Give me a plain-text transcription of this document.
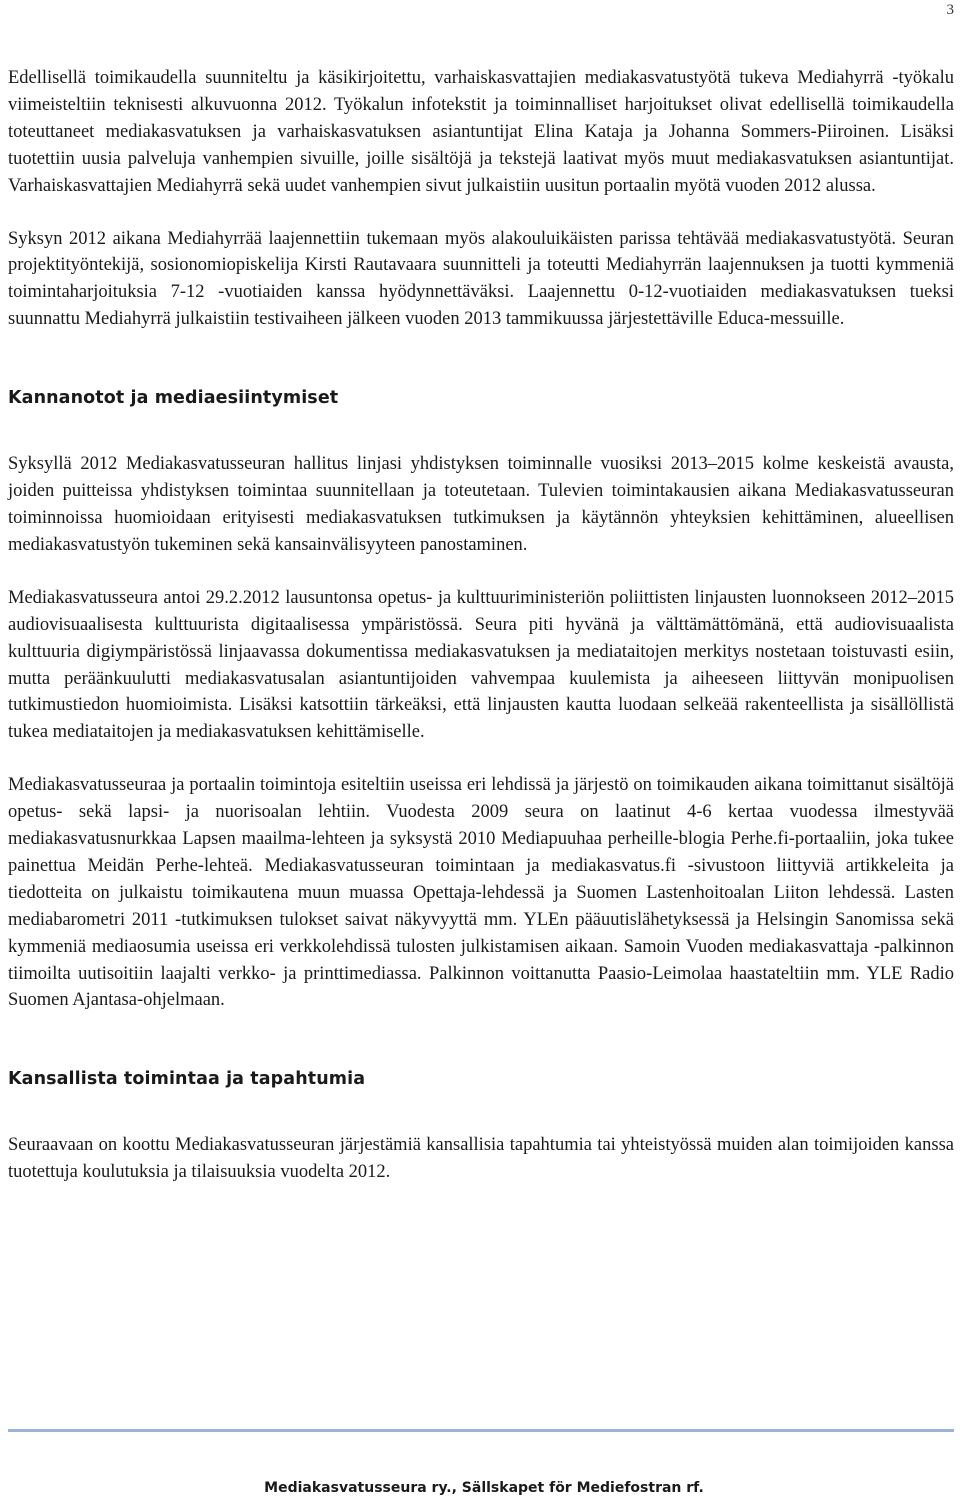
3

Edellisellä toimikaudella suunniteltu ja käsikirjoitettu, varhaiskasvattajien mediakasvatustyötä tukeva Mediahyrrä -työkalu viimeisteltiin teknisesti alkuvuonna 2012. Työkalun infotekstit ja toiminnalliset harjoitukset olivat edellisellä toimikaudella toteuttaneet mediakasvatuksen ja varhaiskasvatuksen asiantuntijat Elina Kataja ja Johanna Sommers-Piiroinen. Lisäksi tuotettiin uusia palveluja vanhempien sivuille, joille sisältöjä ja tekstejä laativat myös muut mediakasvatuksen asiantuntijat. Varhaiskasvattajien Mediahyrrä sekä uudet vanhempien sivut julkaistiin uusitun portaalin myötä vuoden 2012 alussa.

Syksyn 2012 aikana Mediahyrrää laajennettiin tukemaan myös alakouluikäisten parissa tehtävää mediakasvatustyötä. Seuran projektityöntekijä, sosionomiopiskelija Kirsti Rautavaara suunnitteli ja toteutti Mediahyrrän laajennuksen ja tuotti kymmeniä toimintaharjoituksia 7-12 -vuotiaiden kanssa hyödynnettäväksi. Laajennettu 0-12-vuotiaiden mediakasvatuksen tueksi suunnattu Mediahyrrä julkaistiin testivaiheen jälkeen vuoden 2013 tammikuussa järjestettäville Educa-messuille.

Kannanotot ja mediaesiintymiset

Syksyllä 2012 Mediakasvatusseuran hallitus linjasi yhdistyksen toiminnalle vuosiksi 2013–2015 kolme keskeistä avausta, joiden puitteissa yhdistyksen toimintaa suunnitellaan ja toteutetaan. Tulevien toimintakausien aikana Mediakasvatusseuran toiminnoissa huomioidaan erityisesti mediakasvatuksen tutkimuksen ja käytännön yhteyksien kehittäminen, alueellisen mediakasvatustyön tukeminen sekä kansainvälisyyteen panostaminen.

Mediakasvatusseura antoi 29.2.2012 lausuntonsa opetus- ja kulttuuriministeriön poliittisten linjausten luonnokseen 2012–2015 audiovisuaalisesta kulttuurista digitaalisessa ympäristössä. Seura piti hyvänä ja välttämättömänä, että audiovisuaalista kulttuuria digiympäristössä linjaavassa dokumentissa mediakasvatuksen ja mediataitojen merkitys nostetaan toistuvasti esiin, mutta peräänkuulutti mediakasvatusalan asiantuntijoiden vahvempaa kuulemista ja aiheeseen liittyvän monipuolisen tutkimustiedon huomioimista. Lisäksi katsottiin tärkeäksi, että linjausten kautta luodaan selkeää rakenteellista ja sisällöllistä tukea mediataitojen ja mediakasvatuksen kehittämiselle.

Mediakasvatusseuraa ja portaalin toimintoja esiteltiin useissa eri lehdissä ja järjestö on toimikauden aikana toimittanut sisältöjä opetus- sekä lapsi- ja nuorisoalan lehtiin. Vuodesta 2009 seura on laatinut 4-6 kertaa vuodessa ilmestyvää mediakasvatusnurkkaa Lapsen maailma-lehteen ja syksystä 2010 Mediapuuhaa perheille-blogia Perhe.fi-portaaliin, joka tukee painettua Meidän Perhe-lehteä. Mediakasvatusseuran toimintaan ja mediakasvatus.fi -sivustoon liittyviä artikkeleita ja tiedotteita on julkaistu toimikautena muun muassa Opettaja-lehdessä ja Suomen Lastenhoitoalan Liiton lehdessä. Lasten mediabarometri 2011 -tutkimuksen tulokset saivat näkyvyyttä mm. YLEn pääuutislähetyksessä ja Helsingin Sanomissa sekä kymmeniä mediaosumia useissa eri verkkolehdissä tulosten julkistamisen aikaan. Samoin Vuoden mediakasvattaja -palkinnon tiimoilta uutisoitiin laajalti verkko- ja printtimediassa. Palkinnon voittanutta Paasio-Leimolaa haastateltiin mm. YLE Radio Suomen Ajantasa-ohjelmaan.

Kansallista toimintaa ja tapahtumia

Seuraavaan on koottu Mediakasvatusseuran järjestämiä kansallisia tapahtumia tai yhteistyössä muiden alan toimijoiden kanssa tuotettuja koulutuksia ja tilaisuuksia vuodelta 2012.

Mediakasvatusseura ry., Sällskapet för Mediefostran rf.
